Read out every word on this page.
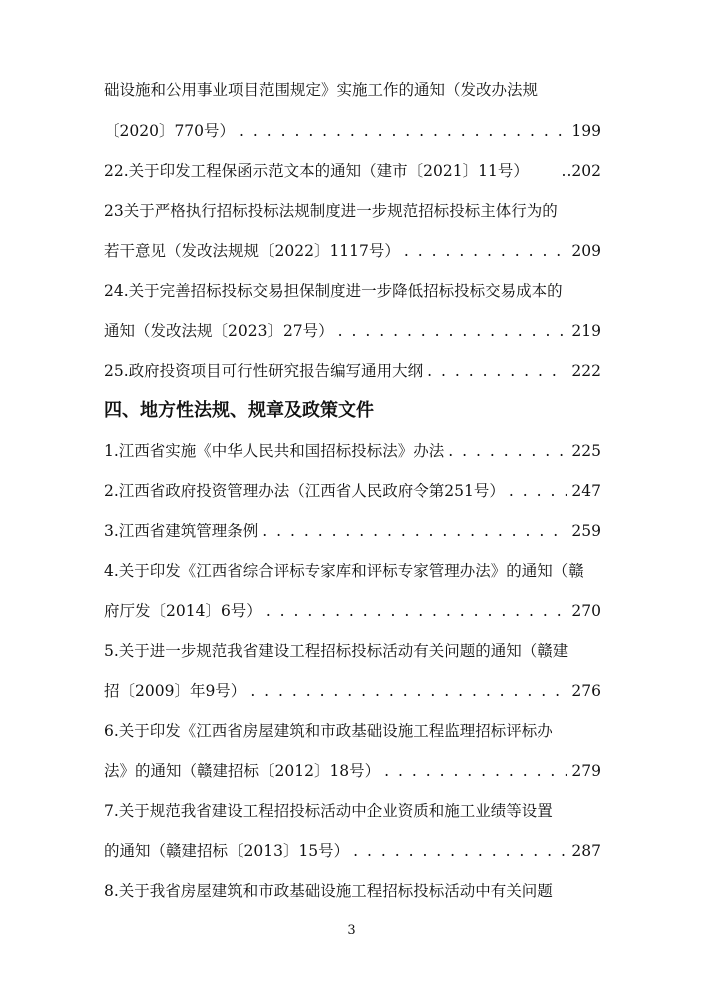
础设施和公用事业项目范围规定》实施工作的通知（发改办法规
〔2020〕770号） . . .	199
22.关于印发工程保函示范文本的通知（建市〔2021〕11号） ..202
23关于严格执行招标投标法规制度进一步规范招标投标主体行为的
若干意见（发改法规规〔2022〕1117号） . . .	209
24.关于完善招标投标交易担保制度进一步降低招标投标交易成本的
通知（发改法规〔2023〕27号） . . .	219
25.政府投资项目可行性研究报告编写通用大纲 . . .	222
四、地方性法规、规章及政策文件
1.江西省实施《中华人民共和国招标投标法》办法 . . .	225
2.江西省政府投资管理办法（江西省人民政府令第251号） . . .	247
3.江西省建筑管理条例 . . .	259
4.关于印发《江西省综合评标专家库和评标专家管理办法》的通知（赣
府厅发〔2014〕6号） . . .	270
5.关于进一步规范我省建设工程招标投标活动有关问题的通知（赣建
招〔2009〕年9号） . . .	276
6.关于印发《江西省房屋建筑和市政基础设施工程监理招标评标办
法》的通知（赣建招标〔2012〕18号） . . .	279
7.关于规范我省建设工程招投标活动中企业资质和施工业绩等设置
的通知（赣建招标〔2013〕15号） . . .	287
8.关于我省房屋建筑和市政基础设施工程招标投标活动中有关问题
3
